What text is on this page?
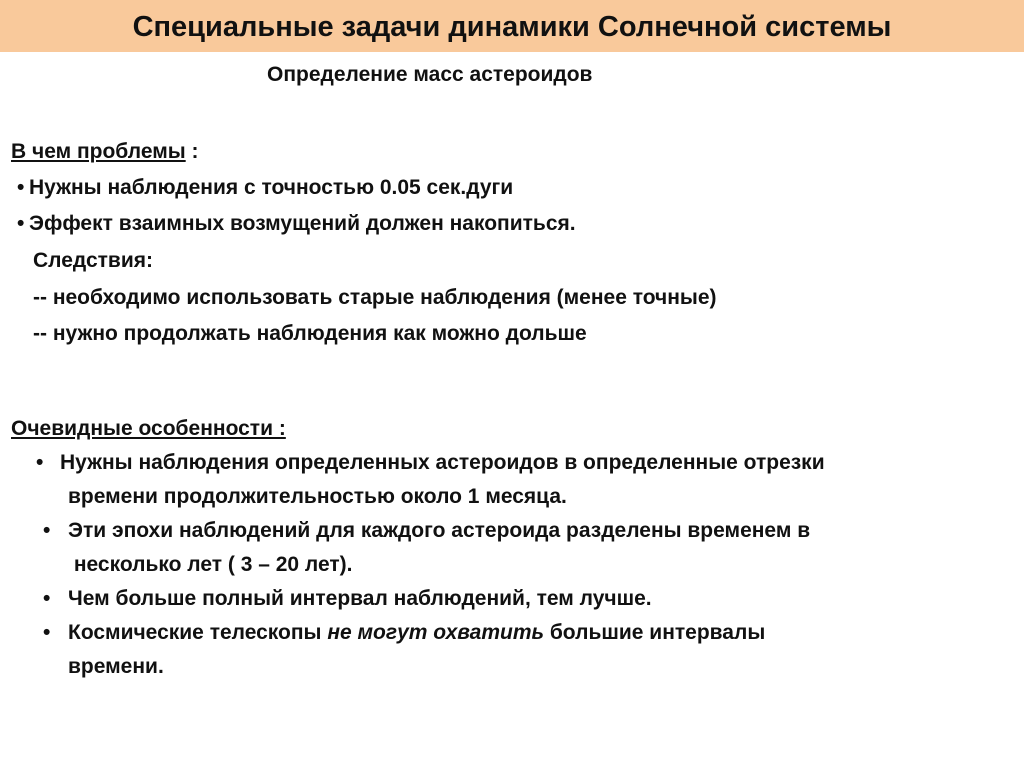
Специальные задачи динамики Солнечной системы
Определение масс астероидов
В чем проблемы :
• Нужны наблюдения с точностью 0.05 сек.дуги
• Эффект взаимных возмущений должен накопиться.
Следствия:
-- необходимо использовать старые наблюдения (менее точные)
-- нужно продолжать наблюдения как можно дольше
Очевидные особенности :
• Нужны наблюдения определенных астероидов в определенные отрезки
времени продолжительностью около 1 месяца.
• Эти эпохи наблюдений для каждого астероида разделены временем в
несколько лет ( 3 – 20 лет).
• Чем больше полный интервал наблюдений, тем лучше.
• Космические телескопы не могут охватить большие интервалы
времени.
